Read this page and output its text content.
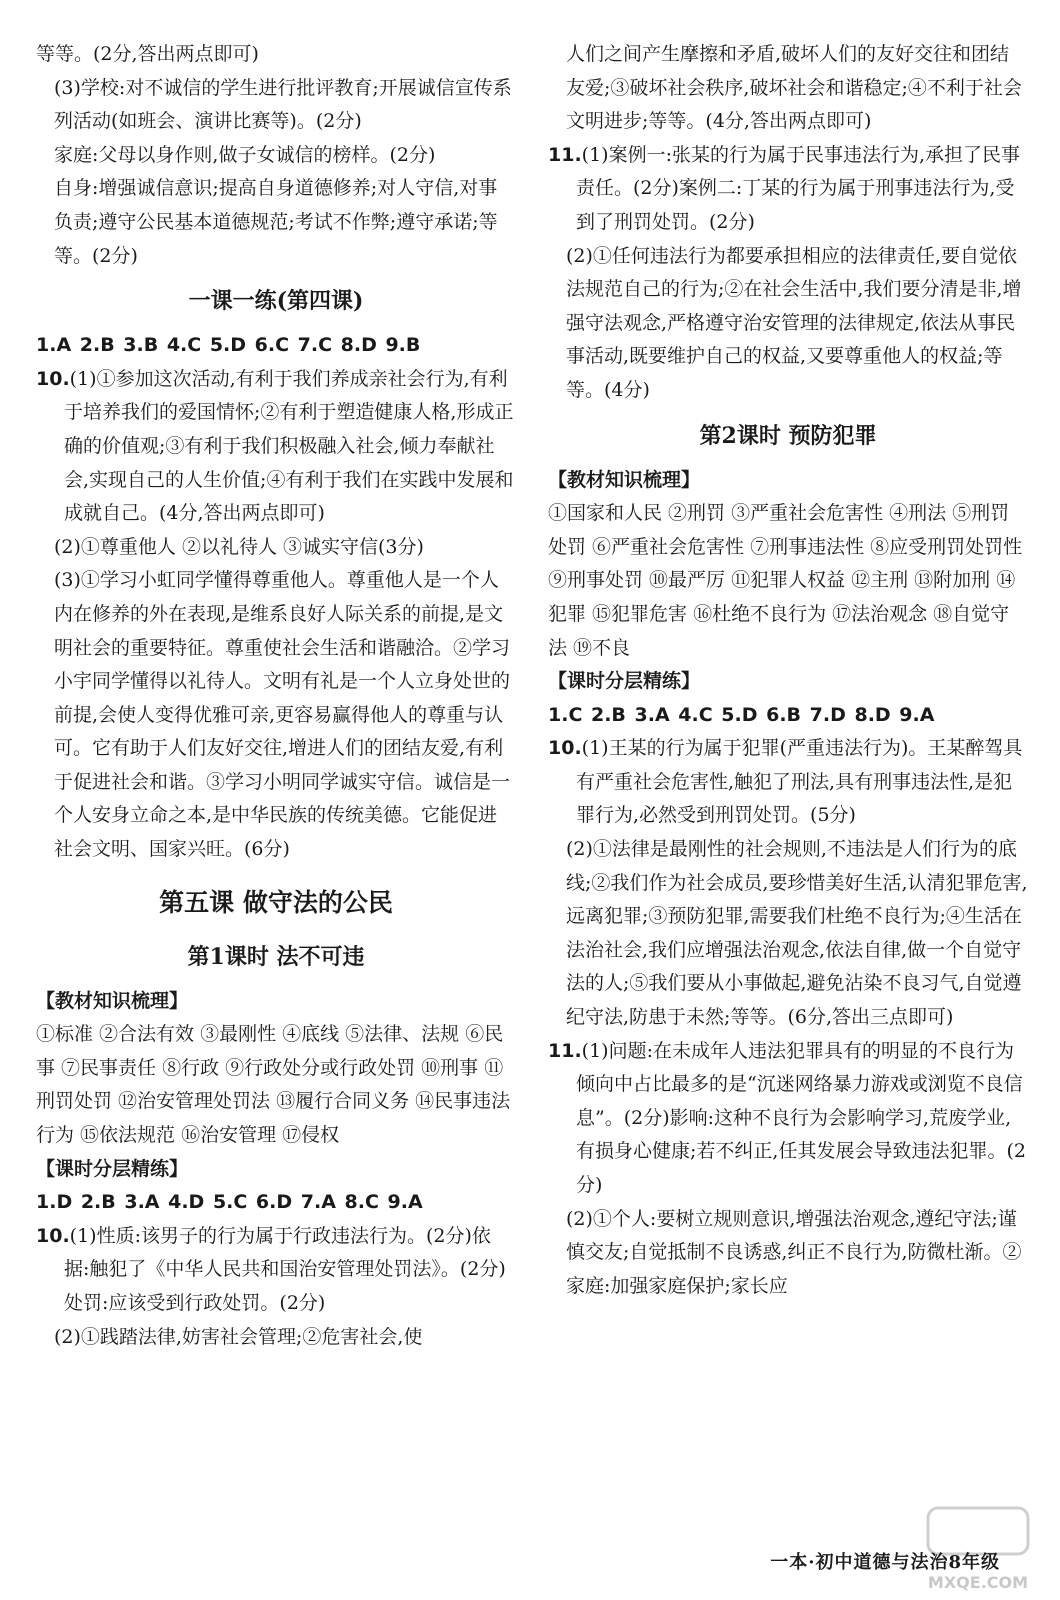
等等。(2分,答出两点即可)

(3)学校:对不诚信的学生进行批评教育;开展诚信宣传系列活动(如班会、演讲比赛等)。(2分)

家庭:父母以身作则,做子女诚信的榜样。(2分)

自身:增强诚信意识;提高自身道德修养;对人守信,对事负责;遵守公民基本道德规范;考试不作弊;遵守承诺;等等。(2分)

一课一练(第四课)

1.A 2.B 3.B 4.C 5.D 6.C 7.C 8.D 9.B

10.(1)①参加这次活动,有利于我们养成亲社会行为,有利于培养我们的爱国情怀;②有利于塑造健康人格,形成正确的价值观;③有利于我们积极融入社会,倾力奉献社会,实现自己的人生价值;④有利于我们在实践中发展和成就自己。(4分,答出两点即可)

(2)①尊重他人 ②以礼待人 ③诚实守信(3分)

(3)①学习小虹同学懂得尊重他人。尊重他人是一个人内在修养的外在表现,是维系良好人际关系的前提,是文明社会的重要特征。尊重使社会生活和谐融洽。②学习小宇同学懂得以礼待人。文明有礼是一个人立身处世的前提,会使人变得优雅可亲,更容易赢得他人的尊重与认可。它有助于人们友好交往,增进人们的团结友爱,有利于促进社会和谐。③学习小明同学诚实守信。诚信是一个人安身立命之本,是中华民族的传统美德。它能促进社会文明、国家兴旺。(6分)

第五课 做守法的公民
第1课时 法不可违

【教材知识梳理】

①标准 ②合法有效 ③最刚性 ④底线 ⑤法律、法规 ⑥民事 ⑦民事责任 ⑧行政 ⑨行政处分或行政处罚 ⑩刑事 ⑪刑罚处罚 ⑫治安管理处罚法 ⑬履行合同义务 ⑭民事违法行为 ⑮依法规范 ⑯治安管理 ⑰侵权

【课时分层精练】

1.D 2.B 3.A 4.D 5.C 6.D 7.A 8.C 9.A

10.(1)性质:该男子的行为属于行政违法行为。(2分)依据:触犯了《中华人民共和国治安管理处罚法》。(2分)处罚:应该受到行政处罚。(2分)

(2)①践踏法律,妨害社会管理;②危害社会,使

人们之间产生摩擦和矛盾,破坏人们的友好交往和团结友爱;③破坏社会秩序,破坏社会和谐稳定;④不利于社会文明进步;等等。(4分,答出两点即可)

11.(1)案例一:张某的行为属于民事违法行为,承担了民事责任。(2分)案例二:丁某的行为属于刑事违法行为,受到了刑罚处罚。(2分)

(2)①任何违法行为都要承担相应的法律责任,要自觉依法规范自己的行为;②在社会生活中,我们要分清是非,增强守法观念,严格遵守治安管理的法律规定,依法从事民事活动,既要维护自己的权益,又要尊重他人的权益;等等。(4分)

第2课时 预防犯罪

【教材知识梳理】

①国家和人民 ②刑罚 ③严重社会危害性 ④刑法 ⑤刑罚处罚 ⑥严重社会危害性 ⑦刑事违法性 ⑧应受刑罚处罚性 ⑨刑事处罚 ⑩最严厉 ⑪犯罪人权益 ⑫主刑 ⑬附加刑 ⑭犯罪 ⑮犯罪危害 ⑯杜绝不良行为 ⑰法治观念 ⑱自觉守法 ⑲不良

【课时分层精练】

1.C 2.B 3.A 4.C 5.D 6.B 7.D 8.D 9.A

10.(1)王某的行为属于犯罪(严重违法行为)。王某醉驾具有严重社会危害性,触犯了刑法,具有刑事违法性,是犯罪行为,必然受到刑罚处罚。(5分)

(2)①法律是最刚性的社会规则,不违法是人们行为的底线;②我们作为社会成员,要珍惜美好生活,认清犯罪危害,远离犯罪;③预防犯罪,需要我们杜绝不良行为;④生活在法治社会,我们应增强法治观念,依法自律,做一个自觉守法的人;⑤我们要从小事做起,避免沾染不良习气,自觉遵纪守法,防患于未然;等等。(6分,答出三点即可)

11.(1)问题:在未成年人违法犯罪具有的明显的不良行为倾向中占比最多的是“沉迷网络暴力游戏或浏览不良信息”。(2分)影响:这种不良行为会影响学习,荒废学业,有损身心健康;若不纠正,任其发展会导致违法犯罪。(2分)

(2)①个人:要树立规则意识,增强法治观念,遵纪守法;谨慎交友;自觉抵制不良诱惑,纠正不良行为,防微杜渐。②家庭:加强家庭保护;家长应

MXQE.COM
一本·初中道德与法治8年级
